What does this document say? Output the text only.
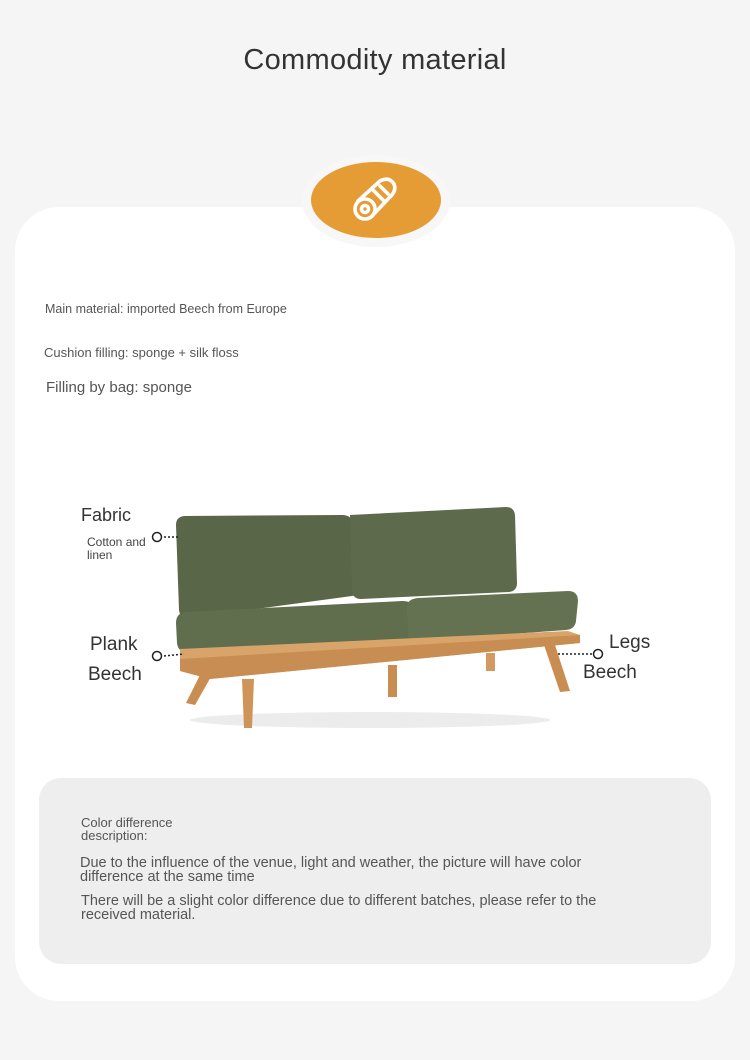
Commodity material

Main material: imported Beech from Europe

Cushion filling: sponge + silk floss

Filling by bag: sponge

Fabric
Cotton and linen
Plank
Beech
Legs
Beech
Color difference description:
Due to the influence of the venue, light and weather, the picture will have color difference at the same time
There will be a slight color difference due to different batches, please refer to the received material.
